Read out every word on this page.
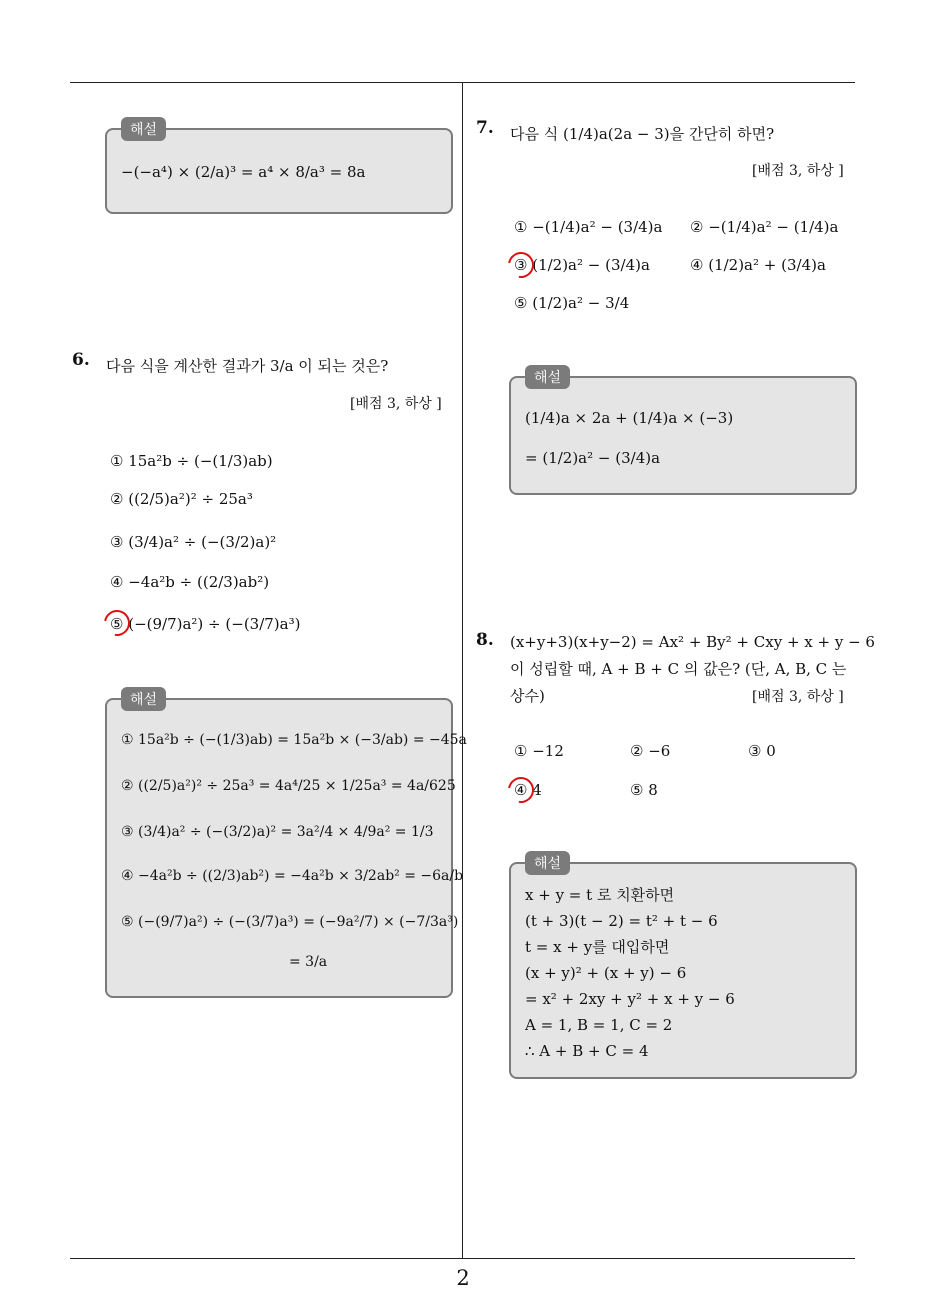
2
해설
−(−a⁴) × (2/a)³ = a⁴ × 8/a³ = 8a
6. 다음 식을 계산한 결과가 3/a 이 되는 것은?
[배점 3, 하상 ]
① 15a²b ÷ (−(1/3)ab)
② ((2/5)a²)² ÷ 25a³
③ (3/4)a² ÷ (−(3/2)a)²
④ −4a²b ÷ ((2/3)ab²)
⑤ (−(9/7)a²) ÷ (−(3/7)a³)
해설
① 15a²b ÷ (−(1/3)ab) = 15a²b × (−3/ab) = −45a
② ((2/5)a²)² ÷ 25a³ = 4a⁴/25 × 1/25a³ = 4a/625
③ (3/4)a² ÷ (−(3/2)a)² = 3a²/4 × 4/9a² = 1/3
④ −4a²b ÷ ((2/3)ab²) = −4a²b × 3/2ab² = −6a/b
⑤ (−(9/7)a²) ÷ (−(3/7)a³) = (−9a²/7) × (−7/3a³)
= 3/a
7. 다음 식 (1/4)a(2a − 3)을 간단히 하면?
[배점 3, 하상 ]
① −(1/4)a² − (3/4)a ② −(1/4)a² − (1/4)a
③ (1/2)a² − (3/4)a	④ (1/2)a² + (3/4)a
⑤ (1/2)a² − 3/4
해설
(1/4)a × 2a + (1/4)a × (−3)
= (1/2)a² − (3/4)a
8. (x+y+3)(x+y−2) = Ax² + By² + Cxy + x + y − 6
이 성립할 때, A + B + C 의 값은? (단, A, B, C 는
상수)	[배점 3, 하상 ]
① −12	② −6	③ 0
④ 4	⑤ 8
해설
x + y = t 로 치환하면
(t + 3)(t − 2) = t² + t − 6
t = x + y를 대입하면
(x + y)² + (x + y) − 6
= x² + 2xy + y² + x + y − 6
A = 1, B = 1, C = 2
∴ A + B + C = 4
